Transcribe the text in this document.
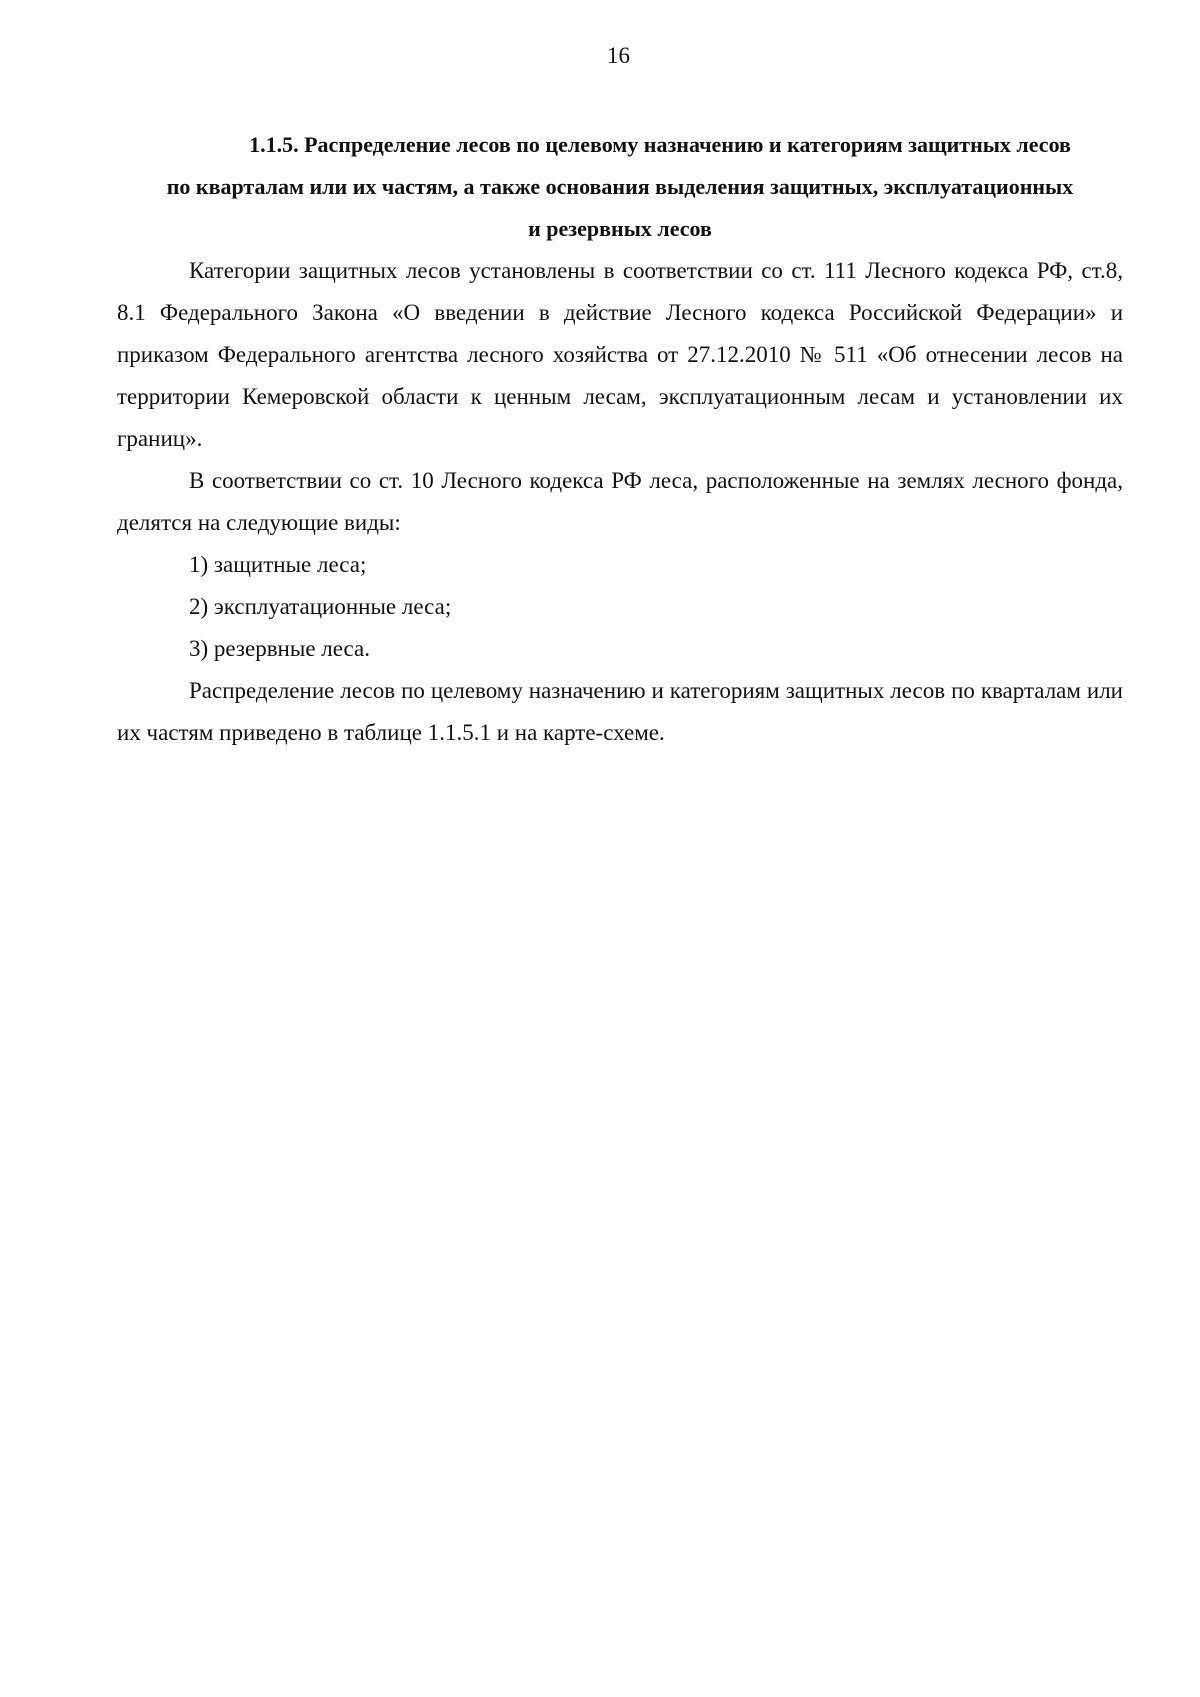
16
1.1.5. Распределение лесов по целевому назначению и категориям защитных лесов
по кварталам или их частям, а также основания выделения защитных, эксплуатационных
и резервных лесов

Категории защитных лесов установлены в соответствии со ст. 111 Лесного кодекса РФ, ст.8, 8.1 Федерального Закона «О введении в действие Лесного кодекса Российской Федерации» и приказом Федерального агентства лесного хозяйства от 27.12.2010 № 511 «Об отнесении лесов на территории Кемеровской области к ценным лесам, эксплуатационным лесам и установлении их границ».

В соответствии со ст. 10 Лесного кодекса РФ леса, расположенные на землях лесного фонда, делятся на следующие виды:

1) защитные леса;

2) эксплуатационные леса;

3) резервные леса.

Распределение лесов по целевому назначению и категориям защитных лесов по кварталам или их частям приведено в таблице 1.1.5.1 и на карте-схеме.
